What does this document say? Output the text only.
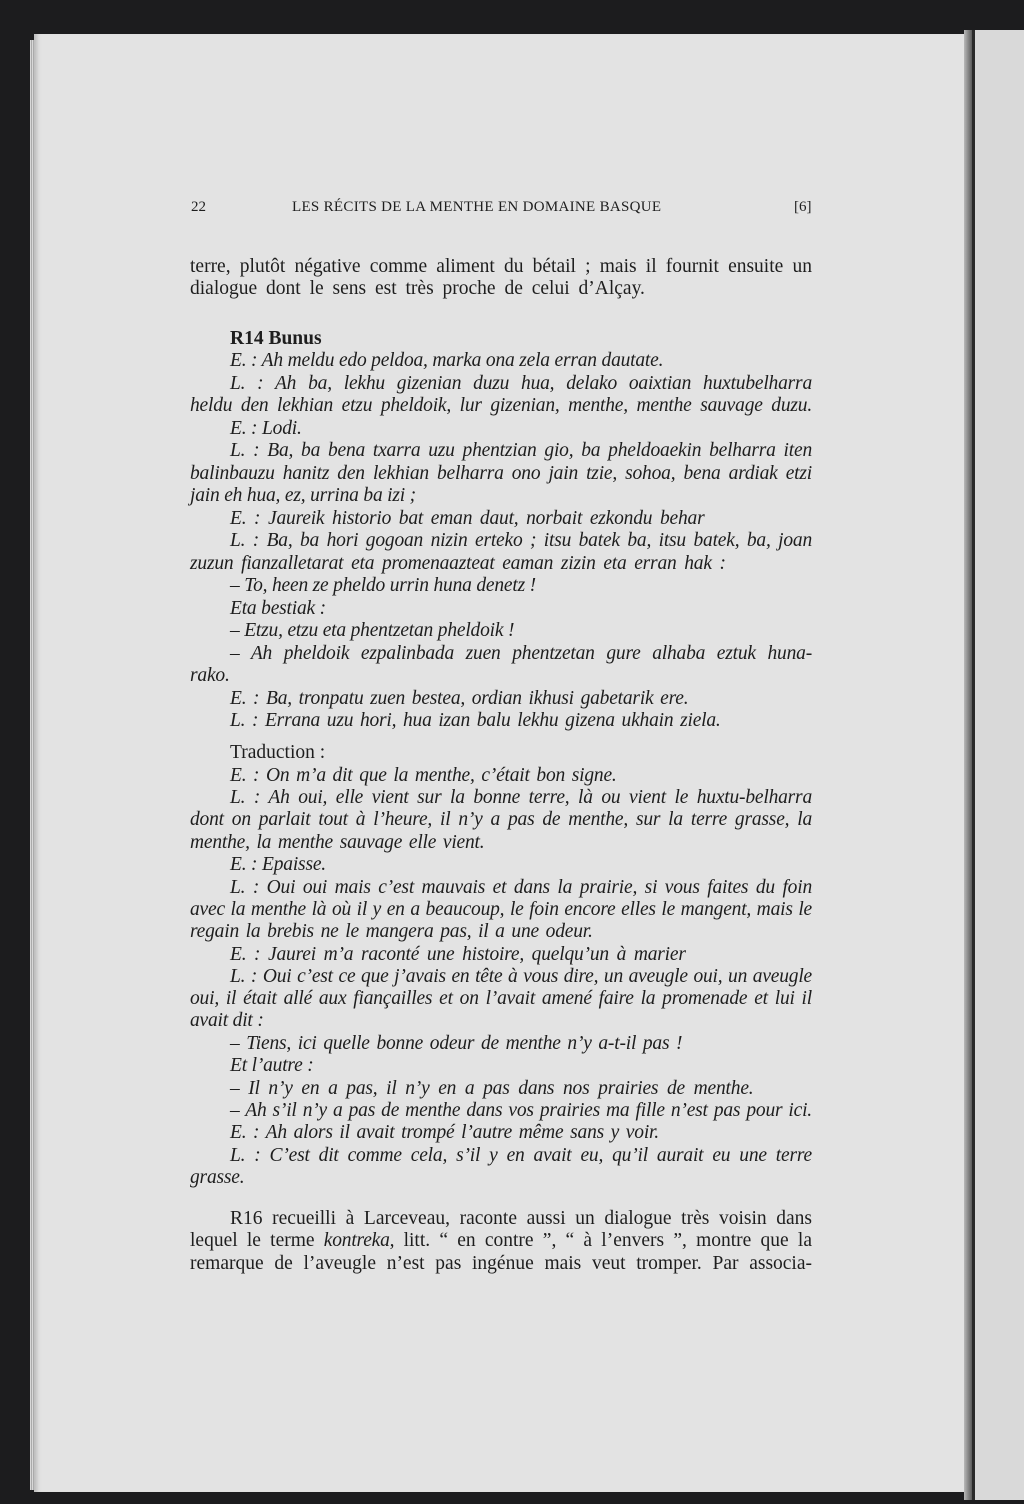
22	LES RÉCITS DE LA MENTHE EN DOMAINE BASQUE	[6]
terre, plutôt négative comme aliment du bétail ; mais il fournit ensuite un
dialogue dont le sens est très proche de celui d’Alçay.
R14 Bunus
E. : Ah meldu edo peldoa, marka ona zela erran dautate.
L. : Ah ba, lekhu gizenian duzu hua, delako oaixtian huxtubelharra
heldu den lekhian etzu pheldoik, lur gizenian, menthe, menthe sauvage duzu.
E. : Lodi.
L. : Ba, ba bena txarra uzu phentzian gio, ba pheldoaekin belharra iten
balinbauzu hanitz den lekhian belharra ono jain tzie, sohoa, bena ardiak etzi
jain eh hua, ez, urrina ba izi ;
E. : Jaureik historio bat eman daut, norbait ezkondu behar
L. : Ba, ba hori gogoan nizin erteko ; itsu batek ba, itsu batek, ba, joan
zuzun fianzalletarat eta promenaazteat eaman zizin eta erran hak :
– To, heen ze pheldo urrin huna denetz !
Eta bestiak :
– Etzu, etzu eta phentzetan pheldoik !
– Ah pheldoik ezpalinbada zuen phentzetan gure alhaba eztuk huna-
rako.
E. : Ba, tronpatu zuen bestea, ordian ikhusi gabetarik ere.
L. : Errana uzu hori, hua izan balu lekhu gizena ukhain ziela.
Traduction :
E. : On m’a dit que la menthe, c’était bon signe.
L. : Ah oui, elle vient sur la bonne terre, là ou vient le huxtu-belharra
dont on parlait tout à l’heure, il n’y a pas de menthe, sur la terre grasse, la
menthe, la menthe sauvage elle vient.
E. : Epaisse.
L. : Oui oui mais c’est mauvais et dans la prairie, si vous faites du foin
avec la menthe là où il y en a beaucoup, le foin encore elles le mangent, mais le
regain la brebis ne le mangera pas, il a une odeur.
E. : Jaurei m’a raconté une histoire, quelqu’un à marier
L. : Oui c’est ce que j’avais en tête à vous dire, un aveugle oui, un aveugle
oui, il était allé aux fiançailles et on l’avait amené faire la promenade et lui il
avait dit :
– Tiens, ici quelle bonne odeur de menthe n’y a-t-il pas !
Et l’autre :
– Il n’y en a pas, il n’y en a pas dans nos prairies de menthe.
– Ah s’il n’y a pas de menthe dans vos prairies ma fille n’est pas pour ici.
E. : Ah alors il avait trompé l’autre même sans y voir.
L. : C’est dit comme cela, s’il y en avait eu, qu’il aurait eu une terre
grasse.
R16 recueilli à Larceveau, raconte aussi un dialogue très voisin dans
lequel le terme kontreka, litt. “ en contre ”, “ à l’envers ”, montre que la
remarque de l’aveugle n’est pas ingénue mais veut tromper. Par associa-
